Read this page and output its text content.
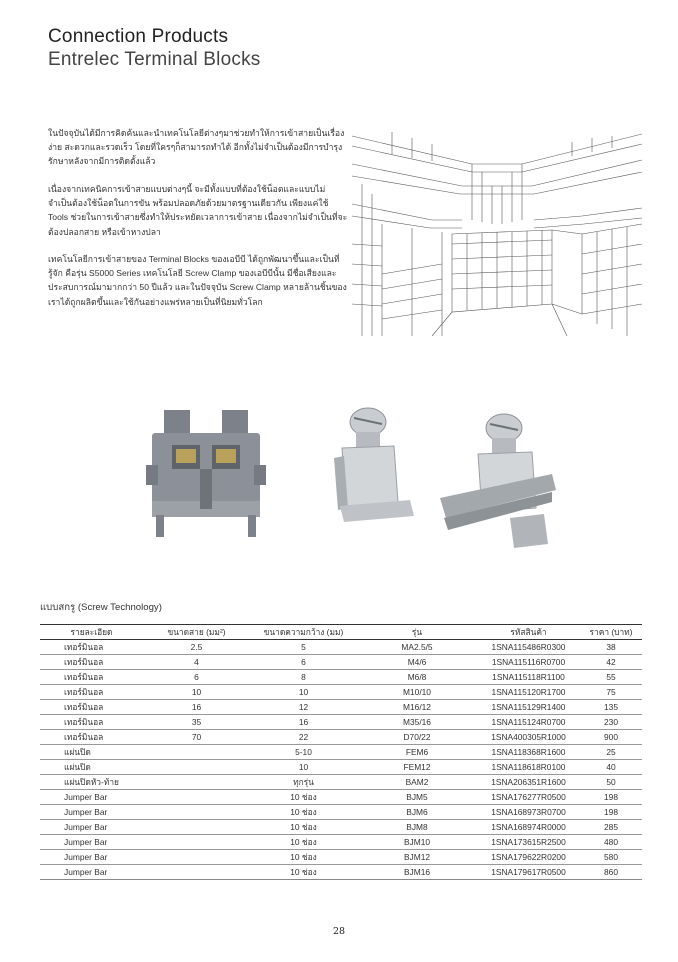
Connection Products
Entrelec Terminal Blocks

ในปัจจุบันได้มีการคิดค้นและนำเทคโนโลยีต่างๆมาช่วยทำให้การเข้าสายเป็นเรื่องง่าย สะดวกและรวดเร็ว โดยที่ใครๆก็สามารถทำได้ อีกทั้งไม่จำเป็นต้องมีการบำรุงรักษาหลังจากมีการติดตั้งแล้ว

เนื่องจากเทคนิคการเข้าสายแบบต่างๆนี้ จะมีทั้งแบบที่ต้องใช้น็อตและแบบไม่จำเป็นต้องใช้น็อตในการขัน พร้อมปลอดภัยด้วยมาตรฐานเดียวกัน เพียงแค่ใช้ Tools ช่วยในการเข้าสายซึ่งทำให้ประหยัดเวลาการเข้าสาย เนื่องจากไม่จำเป็นที่จะต้องปลอกสาย หรือเข้าหางปลา

เทคโนโลยีการเข้าสายของ Terminal Blocks ของเอบีบี ได้ถูกพัฒนาขึ้นและเป็นที่รู้จัก คือรุ่น S5000 Series เทคโนโลยี Screw Clamp ของเอบีบีนั้น มีชื่อเสียงและประสบการณ์มามากกว่า 50 ปีแล้ว และในปัจจุบัน Screw Clamp หลายล้านชิ้นของเราได้ถูกผลิตขึ้นและใช้กันอย่างแพร่หลายเป็นที่นิยมทั่วโลก

แบบสกรู (Screw Technology)
รายละเอียด	ขนาดสาย (มม²)	ขนาดความกว้าง (มม)	รุ่น	รหัสสินค้า	ราคา (บาท)
เทอร์มินอล	2.5	5	MA2.5/5	1SNA115486R0300	38
เทอร์มินอล	4	6	M4/6	1SNA115116R0700	42
เทอร์มินอล	6	8	M6/8	1SNA115118R1100	55
เทอร์มินอล	10	10	M10/10	1SNA115120R1700	75
เทอร์มินอล	16	12	M16/12	1SNA115129R1400	135
เทอร์มินอล	35	16	M35/16	1SNA115124R0700	230
เทอร์มินอล	70	22	D70/22	1SNA400305R1000	900
แผ่นปิด		5-10	FEM6	1SNA118368R1600	25
แผ่นปิด		10	FEM12	1SNA118618R0100	40
แผ่นปิดหัว-ท้าย		ทุกรุ่น	BAM2	1SNA206351R1600	50
Jumper Bar		10 ช่อง	BJM5	1SNA176277R0500	198
Jumper Bar		10 ช่อง	BJM6	1SNA168973R0700	198
Jumper Bar		10 ช่อง	BJM8	1SNA168974R0000	285
Jumper Bar		10 ช่อง	BJM10	1SNA173615R2500	480
Jumper Bar		10 ช่อง	BJM12	1SNA179622R0200	580
Jumper Bar		10 ช่อง	BJM16	1SNA179617R0500	860
28
